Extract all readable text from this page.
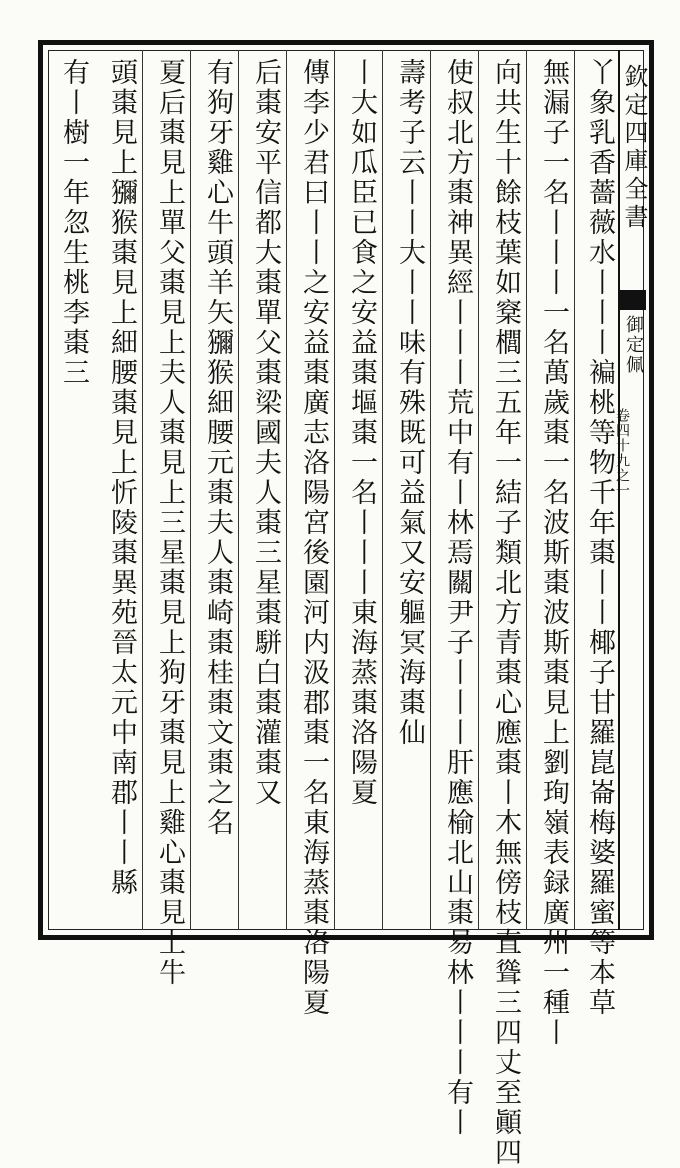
丫象乳香薔薇水丨丨丨褊桃等物千年棗丨丨椰子甘羅崑崙梅婆羅蜜等本草
無漏子一名丨丨丨一名萬歲棗一名波斯棗波斯棗見上劉珣嶺表録廣州一種丨
向共生十餘枝葉如㮤櫚三五年一結子類北方青棗心應棗丨木無傍枝直聳三四丈至顚四
使叔北方棗神異經丨丨丨荒中有丨林焉關尹子丨丨丨肝應榆北山棗易林丨丨丨有丨
壽考子云丨丨大丨丨味有殊既可益氣又安軀冥海棗仙
丨大如瓜臣已食之安益棗塸棗一名丨丨丨東海蒸棗洛陽夏
傳李少君曰丨丨之安益棗廣志洛陽宮後園河内汲郡棗一名東海蒸棗洛陽夏
后棗安平信都大棗單父棗梁國夫人棗三星棗駢白棗灌棗又
有狗牙雞心牛頭羊矢獼猴細腰元棗夫人棗崎棗桂棗文棗之名
夏后棗見上單父棗見上夫人棗見上三星棗見上狗牙棗見上雞心棗見上牛
頭棗見上獼猴棗見上細腰棗見上忻陵棗異苑晉太元中南郡丨丨縣
有丨樹一年忽生桃李棗三	欽定四庫全書
御定佩
卷四十九之一
